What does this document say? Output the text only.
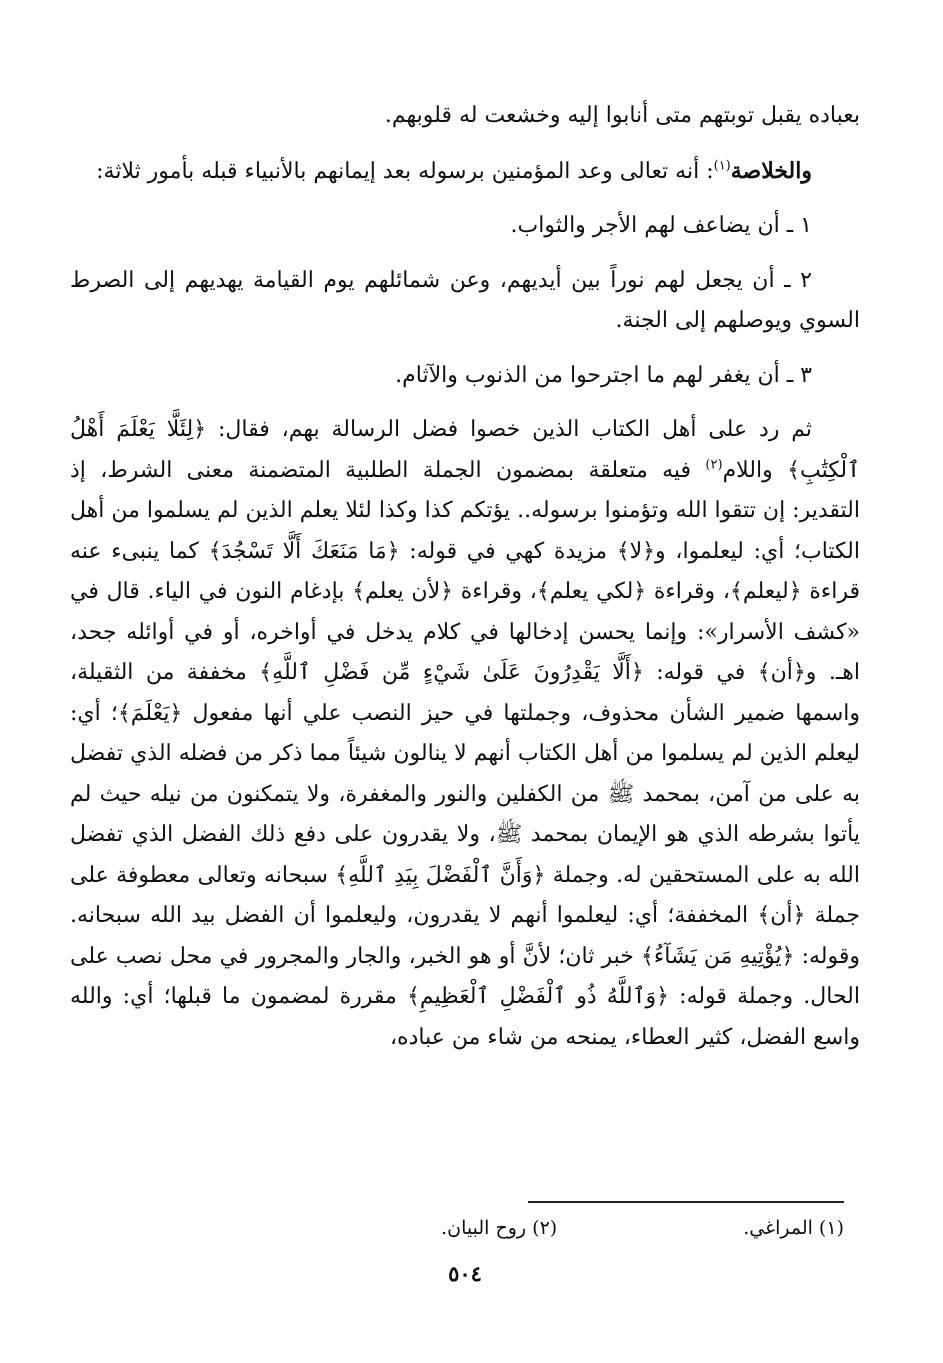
بعباده يقبل توبتهم متى أنابوا إليه وخشعت له قلوبهم.

والخلاصة$^{(١)}$: أنه تعالى وعد المؤمنين برسوله بعد إيمانهم بالأنبياء قبله بأمور ثلاثة:

١ ـ أن يضاعف لهم الأجر والثواب.

٢ ـ أن يجعل لهم نوراً بين أيديهم، وعن شمائلهم يوم القيامة يهديهم إلى الصرط السوي ويوصلهم إلى الجنة.

٣ ـ أن يغفر لهم ما اجترحوا من الذنوب والآثام.

ثم رد على أهل الكتاب الذين خصوا فضل الرسالة بهم، فقال: ﴿لِئَلَّا يَعْلَمَ أَهْلُ ٱلْكِتَٰبِ﴾ واللام$^{(٢)}$ فيه متعلقة بمضمون الجملة الطلبية المتضمنة معنى الشرط، إذ التقدير: إن تتقوا الله وتؤمنوا برسوله.. يؤتكم كذا وكذا لئلا يعلم الذين لم يسلموا من أهل الكتاب؛ أي: ليعلموا، و﴿لا﴾ مزيدة كهي في قوله: ﴿مَا مَنَعَكَ أَلَّا تَسْجُدَ﴾ كما ينبىء عنه قراءة ﴿ليعلم﴾، وقراءة ﴿لكي يعلم﴾، وقراءة ﴿لأن يعلم﴾ بإدغام النون في الياء. قال في «كشف الأسرار»: وإنما يحسن إدخالها في كلام يدخل في أواخره، أو في أوائله جحد، اهـ. و﴿أن﴾ في قوله: ﴿أَلَّا يَقْدِرُونَ عَلَىٰ شَيْءٍ مِّن فَضْلِ ٱللَّهِ﴾ مخففة من الثقيلة، واسمها ضمير الشأن محذوف، وجملتها في حيز النصب علي أنها مفعول ﴿يَعْلَمَ﴾؛ أي: ليعلم الذين لم يسلموا من أهل الكتاب أنهم لا ينالون شيئاً مما ذكر من فضله الذي تفضل به على من آمن، بمحمد ﷺ من الكفلين والنور والمغفرة، ولا يتمكنون من نيله حيث لم يأتوا بشرطه الذي هو الإيمان بمحمد ﷺ، ولا يقدرون على دفع ذلك الفضل الذي تفضل الله به على المستحقين له. وجملة ﴿وَأَنَّ ٱلْفَضْلَ بِيَدِ ٱللَّهِ﴾ سبحانه وتعالى معطوفة على جملة ﴿أن﴾ المخففة؛ أي: ليعلموا أنهم لا يقدرون، وليعلموا أن الفضل بيد الله سبحانه. وقوله: ﴿يُؤْتِيهِ مَن يَشَآءُ﴾ خبر ثان؛ لأنَّ أو هو الخبر، والجار والمجرور في محل نصب على الحال. وجملة قوله: ﴿وَٱللَّهُ ذُو ٱلْفَضْلِ ٱلْعَظِيمِ﴾ مقررة لمضمون ما قبلها؛ أي: والله واسع الفضل، كثير العطاء، يمنحه من شاء من عباده،

(١) المراغي. (٢) روح البيان.
٥٠٤
